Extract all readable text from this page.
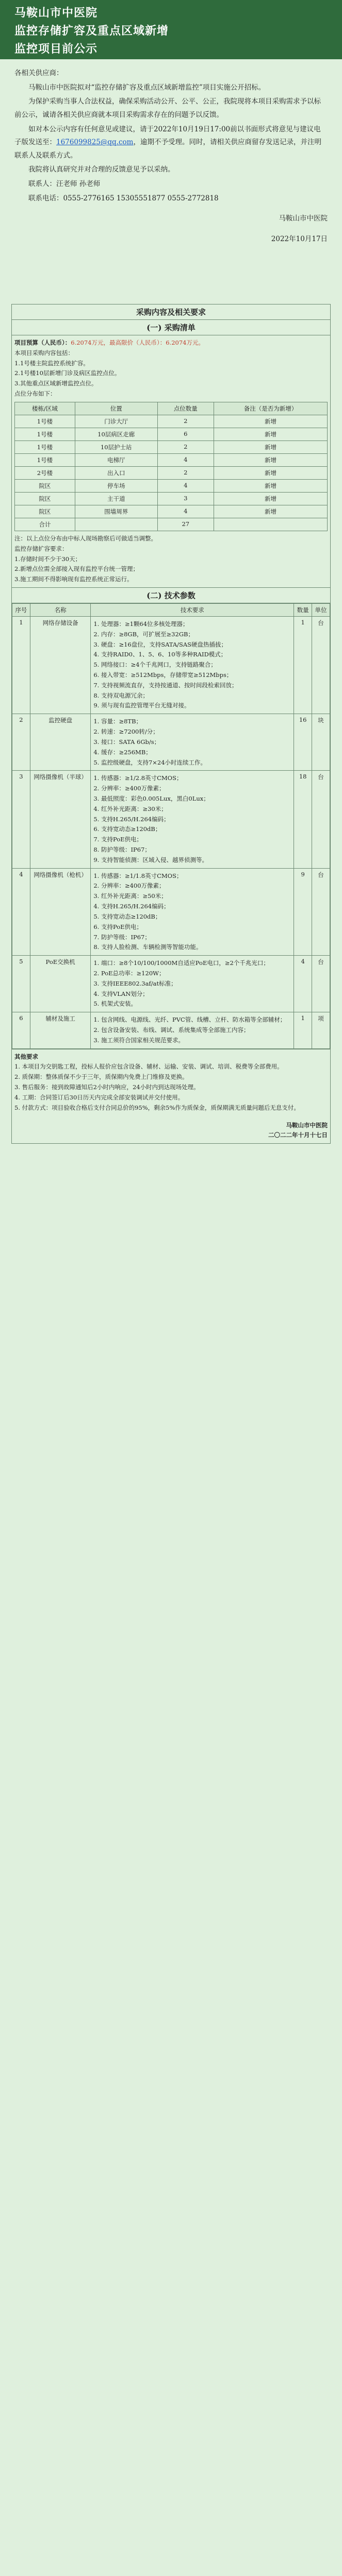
马鞍山市中医院
监控存储扩容及重点区域新增
监控项目前公示

各相关供应商：

马鞍山市中医院拟对“监控存储扩容及重点区域新增监控”项目实施公开招标。

为保护采购当事人合法权益，确保采购活动公开、公平、公正，我院现将本项目采购需求予以标前公示，诚请各相关供应商就本项目采购需求存在的问题予以反馈。

如对本公示内容有任何意见或建议，请于2022年10月19日17:00前以书面形式将意见与建议电子版发送至：1676099825@qq.com，逾期不予受理。同时，请相关供应商留存发送记录，并注明联系人及联系方式。

我院将认真研究并对合理的反馈意见予以采纳。

联系人：汪老师 孙老师

联系电话：0555-2776165 15305551877 0555-2772818

马鞍山市中医院

2022年10月17日

采购内容及相关要求
(一) 采购清单

项目预算（人民币）：6.2074万元，最高限价（人民币）：6.2074万元。
本项目采购内容包括：
1.1号楼主院监控系统扩容。
2.1号楼10层新增门诊及病区监控点位。
3.其他重点区域新增监控点位。
点位分布如下：
楼栋/区域	位置	点位数量	备注（是否为新增）
1号楼	门诊大厅	2	新增
1号楼	10层病区走廊	6	新增
1号楼	10层护士站	2	新增
1号楼	电梯厅	4	新增
2号楼	出入口	2	新增
院区	停车场	4	新增
院区	主干道	3	新增
院区	围墙周界	4	新增
合计		27	
注：以上点位分布由中标人现场勘察后可做适当调整。
监控存储扩容要求：
1.存储时间不少于30天；
2.新增点位需全部接入现有监控平台统一管理；
3.施工期间不得影响现有监控系统正常运行。

(二) 技术参数

序号	名称	技术要求	数量	单位
1	网络存储设备	1. 处理器：≥1颗64位多核处理器；
2. 内存：≥8GB，可扩展至≥32GB；
3. 硬盘：≥16盘位，支持SATA/SAS硬盘热插拔；
4. 支持RAID0、1、5、6、10等多种RAID模式；
5. 网络接口：≥4个千兆网口，支持链路聚合；
6. 接入带宽：≥512Mbps，存储带宽≥512Mbps；
7. 支持视频流直存，支持按通道、按时间段检索回放；
8. 支持双电源冗余；
9. 须与现有监控管理平台无缝对接。
	1	台
2	监控硬盘	1. 容量：≥8TB；
2. 转速：≥7200转/分；
3. 接口：SATA 6Gb/s；
4. 缓存：≥256MB；
5. 监控级硬盘，支持7×24小时连续工作。
	16	块
3	网络摄像机（半球）	1. 传感器：≥1/2.8英寸CMOS；
2. 分辨率：≥400万像素；
3. 最低照度：彩色0.005Lux，黑白0Lux；
4. 红外补光距离：≥30米；
5. 支持H.265/H.264编码；
6. 支持宽动态≥120dB；
7. 支持PoE供电；
8. 防护等级：IP67；
9. 支持智能侦测：区域入侵、越界侦测等。
	18	台
4	网络摄像机（枪机）	1. 传感器：≥1/1.8英寸CMOS；
2. 分辨率：≥400万像素；
3. 红外补光距离：≥50米；
4. 支持H.265/H.264编码；
5. 支持宽动态≥120dB；
6. 支持PoE供电；
7. 防护等级：IP67；
8. 支持人脸检测、车辆检测等智能功能。
	9	台
5	PoE交换机	1. 端口：≥8个10/100/1000M自适应PoE电口，≥2个千兆光口；
2. PoE总功率：≥120W；
3. 支持IEEE802.3af/at标准；
4. 支持VLAN划分；
5. 机架式安装。
	4	台
6	辅材及施工	1. 包含网线、电源线、光纤、PVC管、线槽、立杆、防水箱等全部辅材；
2. 包含设备安装、布线、调试、系统集成等全部施工内容；
3. 施工须符合国家相关规范要求。
	1	项

其他要求
1. 本项目为交钥匙工程，投标人报价应包含设备、辅材、运输、安装、调试、培训、税费等全部费用。
2. 质保期：整体质保不少于三年，质保期内免费上门维修及更换。
3. 售后服务：接到故障通知后2小时内响应，24小时内到达现场处理。
4. 工期：合同签订后30日历天内完成全部安装调试并交付使用。
5. 付款方式：项目验收合格后支付合同总价的95%，剩余5%作为质保金，质保期满无质量问题后无息支付。
马鞍山市中医院
二〇二二年十月十七日
